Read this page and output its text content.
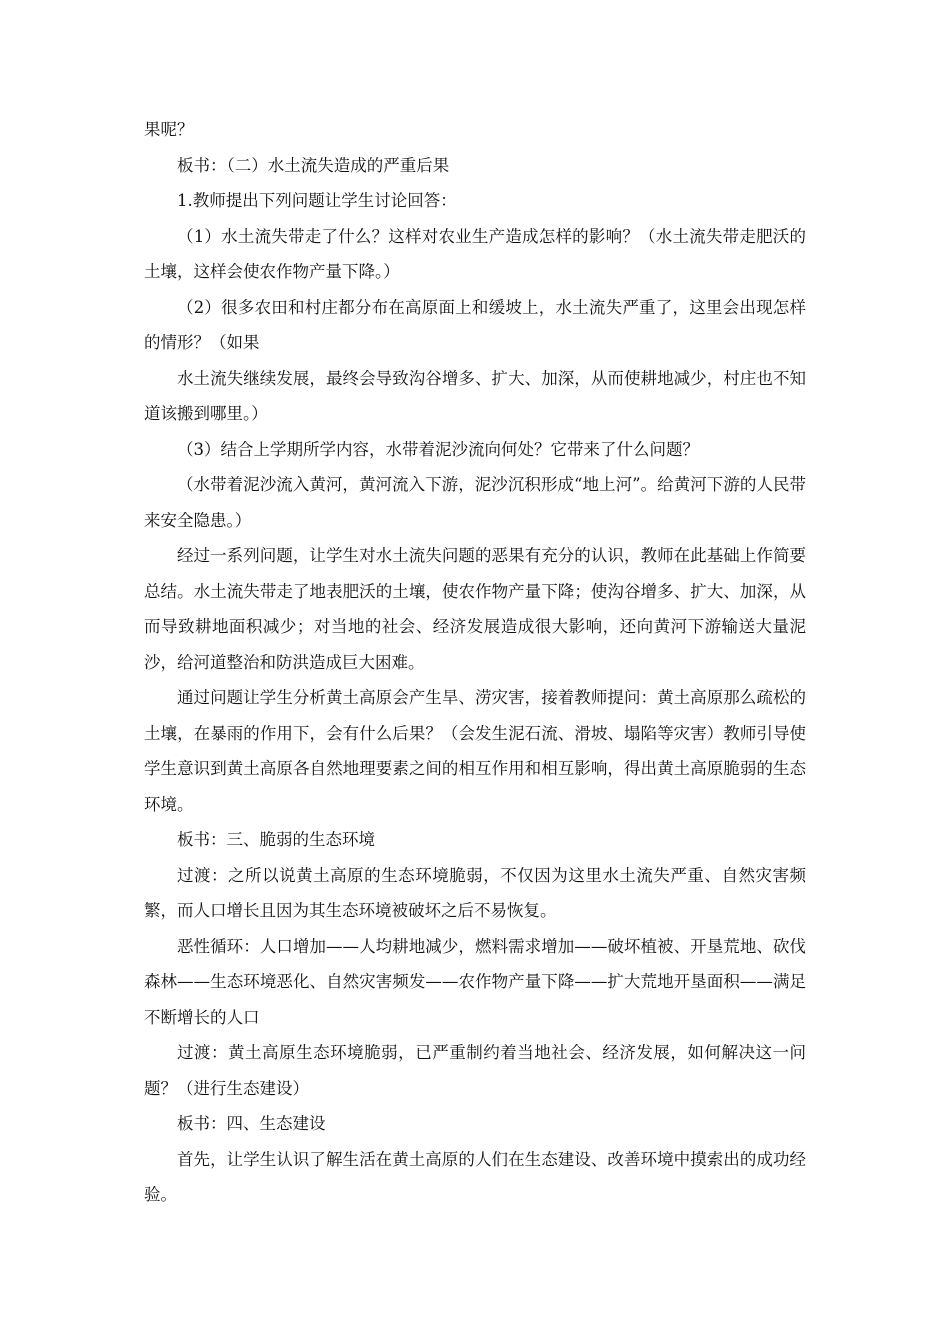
果呢？

板书：（二）水土流失造成的严重后果

1.教师提出下列问题让学生讨论回答：

（1）水土流失带走了什么？这样对农业生产造成怎样的影响？（水土流失带走肥沃的土壤，这样会使农作物产量下降。）

（2）很多农田和村庄都分布在高原面上和缓坡上，水土流失严重了，这里会出现怎样的情形？（如果

水土流失继续发展，最终会导致沟谷增多、扩大、加深，从而使耕地减少，村庄也不知道该搬到哪里。）

（3）结合上学期所学内容，水带着泥沙流向何处？它带来了什么问题？

（水带着泥沙流入黄河，黄河流入下游，泥沙沉积形成“地上河”。给黄河下游的人民带来安全隐患。）

经过一系列问题，让学生对水土流失问题的恶果有充分的认识，教师在此基础上作简要总结。水土流失带走了地表肥沃的土壤，使农作物产量下降；使沟谷增多、扩大、加深，从而导致耕地面积减少；对当地的社会、经济发展造成很大影响，还向黄河下游输送大量泥沙，给河道整治和防洪造成巨大困难。

通过问题让学生分析黄土高原会产生旱、涝灾害，接着教师提问：黄土高原那么疏松的土壤，在暴雨的作用下，会有什么后果？（会发生泥石流、滑坡、塌陷等灾害）教师引导使学生意识到黄土高原各自然地理要素之间的相互作用和相互影响，得出黄土高原脆弱的生态环境。

板书：三、脆弱的生态环境

过渡：之所以说黄土高原的生态环境脆弱，不仅因为这里水土流失严重、自然灾害频繁，而人口增长且因为其生态环境被破坏之后不易恢复。

恶性循环：人口增加——人均耕地减少，燃料需求增加——破坏植被、开垦荒地、砍伐森林——生态环境恶化、自然灾害频发——农作物产量下降——扩大荒地开垦面积——满足不断增长的人口

过渡：黄土高原生态环境脆弱，已严重制约着当地社会、经济发展，如何解决这一问题？（进行生态建设）

板书：四、生态建设

首先，让学生认识了解生活在黄土高原的人们在生态建设、改善环境中摸索出的成功经验。
